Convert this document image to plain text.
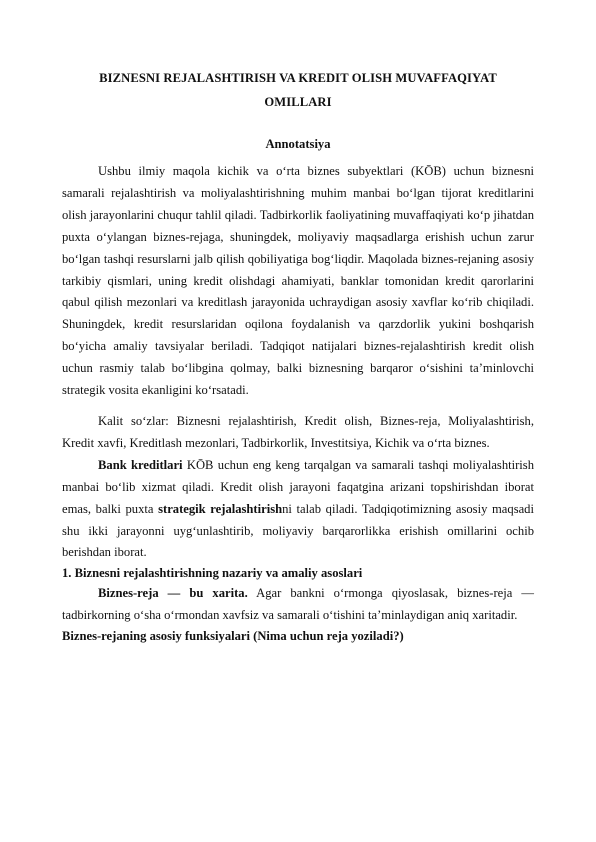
BIZNESNI REJALASHTIRISH VA KREDIT OLISH MUVAFFAQIYAT
OMILLARI
Annotatsiya

Ushbu ilmiy maqola kichik va o‘rta biznes subyektlari (KŌB) uchun biznesni samarali rejalashtirish va moliyalashtirishning muhim manbai bo‘lgan tijorat kreditlarini olish jarayonlarini chuqur tahlil qiladi. Tadbirkorlik faoliyatining muvaffaqiyati ko‘p jihatdan puxta o‘ylangan biznes-rejaga, shuningdek, moliyaviy maqsadlarga erishish uchun zarur bo‘lgan tashqi resurslarni jalb qilish qobiliyatiga bog‘liqdir. Maqolada biznes-rejaning asosiy tarkibiy qismlari, uning kredit olishdagi ahamiyati, banklar tomonidan kredit qarorlarini qabul qilish mezonlari va kreditlash jarayonida uchraydigan asosiy xavflar ko‘rib chiqiladi. Shuningdek, kredit resurslaridan oqilona foydalanish va qarzdorlik yukini boshqarish bo‘yicha amaliy tavsiyalar beriladi. Tadqiqot natijalari biznes-rejalashtirish kredit olish uchun rasmiy talab bo‘libgina qolmay, balki biznesning barqaror o‘sishini ta’minlovchi strategik vosita ekanligini ko‘rsatadi.

Kalit so‘zlar: Biznesni rejalashtirish, Kredit olish, Biznes-reja, Moliyalashtirish, Kredit xavfi, Kreditlash mezonlari, Tadbirkorlik, Investitsiya, Kichik va o‘rta biznes.

Bank kreditlari KŌB uchun eng keng tarqalgan va samarali tashqi moliyalashtirish manbai bo‘lib xizmat qiladi. Kredit olish jarayoni faqatgina arizani topshirishdan iborat emas, balki puxta strategik rejalashtirishni talab qiladi. Tadqiqotimizning asosiy maqsadi shu ikki jarayonni uyg‘unlashtirib, moliyaviy barqarorlikka erishish omillarini ochib berishdan iborat.

1. Biznesni rejalashtirishning nazariy va amaliy asoslari

Biznes-reja — bu xarita. Agar bankni o‘rmonga qiyoslasak, biznes-reja — tadbirkorning o‘sha o‘rmondan xavfsiz va samarali o‘tishini ta’minlaydigan aniq xaritadir.

Biznes-rejaning asosiy funksiyalari (Nima uchun reja yoziladi?)
